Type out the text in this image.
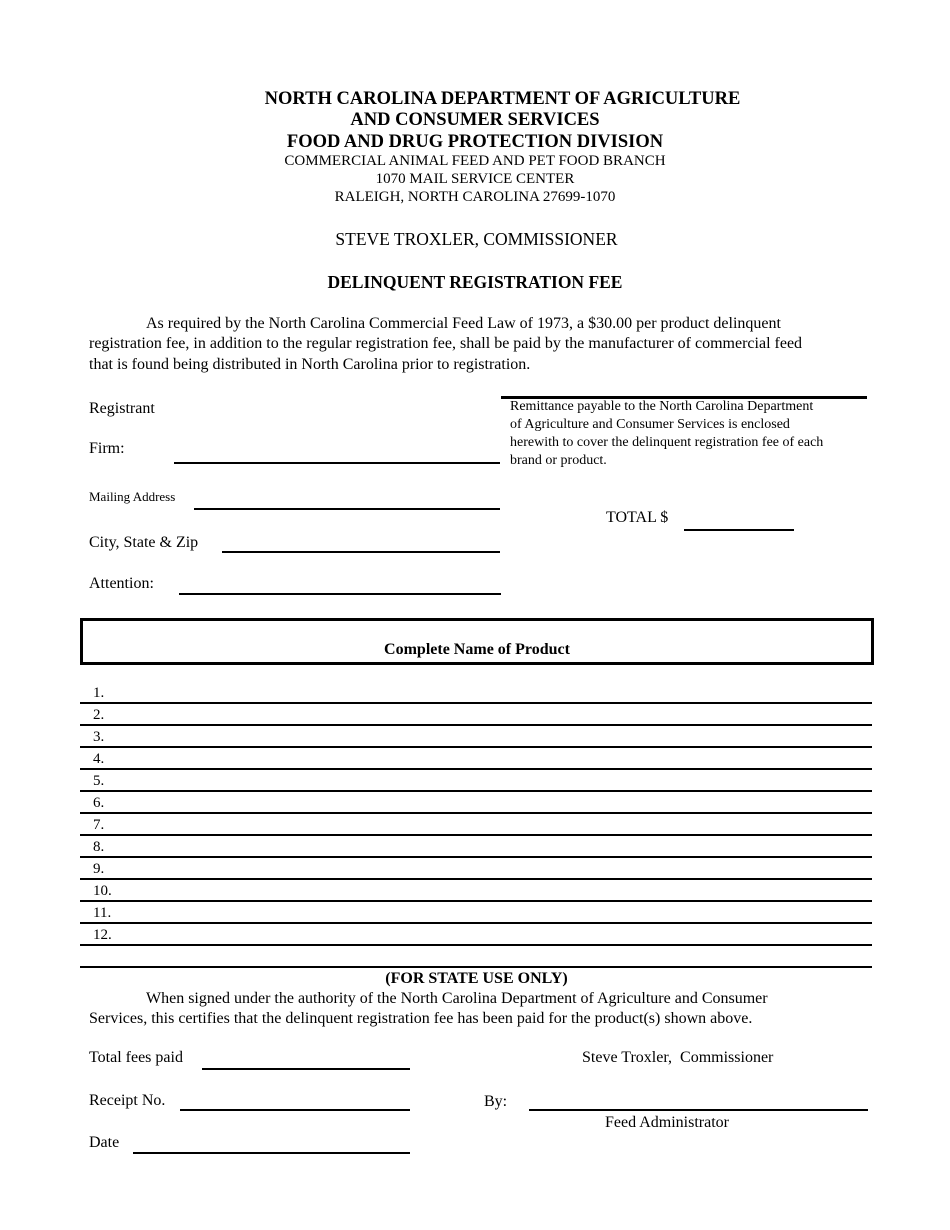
NORTH CAROLINA DEPARTMENT OF AGRICULTURE
AND CONSUMER SERVICES
FOOD AND DRUG PROTECTION DIVISION
COMMERCIAL ANIMAL FEED AND PET FOOD BRANCH
1070 MAIL SERVICE CENTER
RALEIGH, NORTH CAROLINA 27699-1070
STEVE TROXLER, COMMISSIONER
DELINQUENT REGISTRATION FEE
As required by the North Carolina Commercial Feed Law of 1973, a $30.00 per product delinquent
registration fee, in addition to the regular registration fee, shall be paid by the manufacturer of commercial feed
that is found being distributed in North Carolina prior to registration.
Registrant
Firm:
Mailing Address
City, State & Zip
Attention:
Remittance payable to the North Carolina Department
of Agriculture and Consumer Services is enclosed
herewith to cover the delinquent registration fee of each
brand or product.
TOTAL $
Complete Name of Product
1.
2.
3.
4.
5.
6.
7.
8.
9.
10.
11.
12.
(FOR STATE USE ONLY)
When signed under the authority of the North Carolina Department of Agriculture and Consumer
Services, this certifies that the delinquent registration fee has been paid for the product(s) shown above.
Total fees paid
Receipt No.
Date
Steve Troxler,  Commissioner
By:
Feed Administrator
